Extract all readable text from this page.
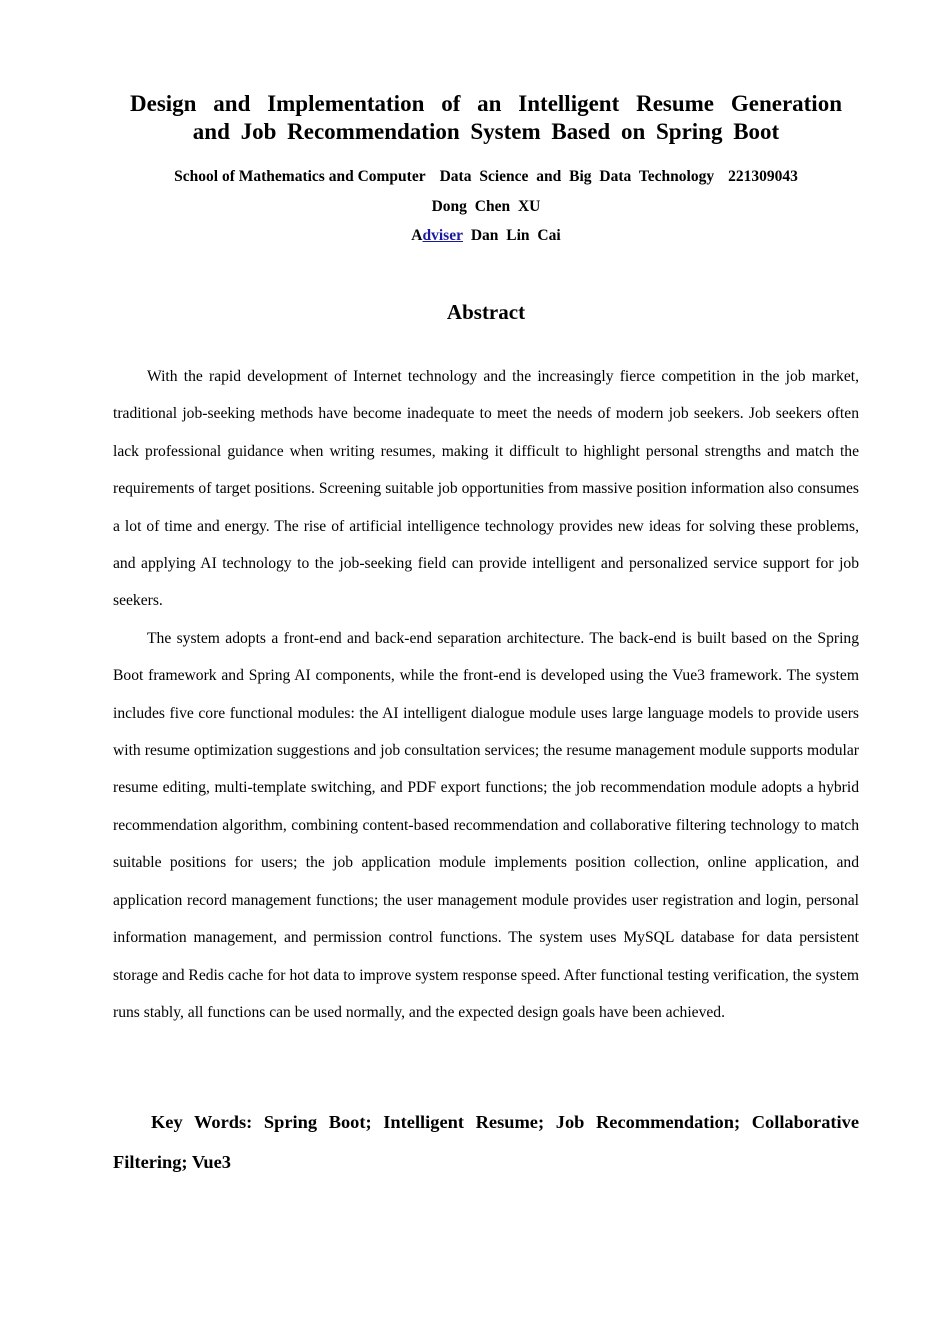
Design and Implementation of an Intelligent Resume Generation
and Job Recommendation System Based on Spring Boot
School of Mathematics and Computer Data Science and Big Data Technology 221309043
Dong Chen XU
Adviser Dan Lin Cai
Abstract

With the rapid development of Internet technology and the increasingly fierce competition in the job market, traditional job-seeking methods have become inadequate to meet the needs of modern job seekers. Job seekers often lack professional guidance when writing resumes, making it difficult to highlight personal strengths and match the requirements of target positions. Screening suitable job opportunities from massive position information also consumes a lot of time and energy. The rise of artificial intelligence technology provides new ideas for solving these problems, and applying AI technology to the job-seeking field can provide intelligent and personalized service support for job seekers.

The system adopts a front-end and back-end separation architecture. The back-end is built based on the Spring Boot framework and Spring AI components, while the front-end is developed using the Vue3 framework. The system includes five core functional modules: the AI intelligent dialogue module uses large language models to provide users with resume optimization suggestions and job consultation services; the resume management module supports modular resume editing, multi-template switching, and PDF export functions; the job recommendation module adopts a hybrid recommendation algorithm, combining content-based recommendation and collaborative filtering technology to match suitable positions for users; the job application module implements position collection, online application, and application record management functions; the user management module provides user registration and login, personal information management, and permission control functions. The system uses MySQL database for data persistent storage and Redis cache for hot data to improve system response speed. After functional testing verification, the system runs stably, all functions can be used normally, and the expected design goals have been achieved.

Key Words: Spring Boot; Intelligent Resume; Job Recommendation; Collaborative Filtering; Vue3
